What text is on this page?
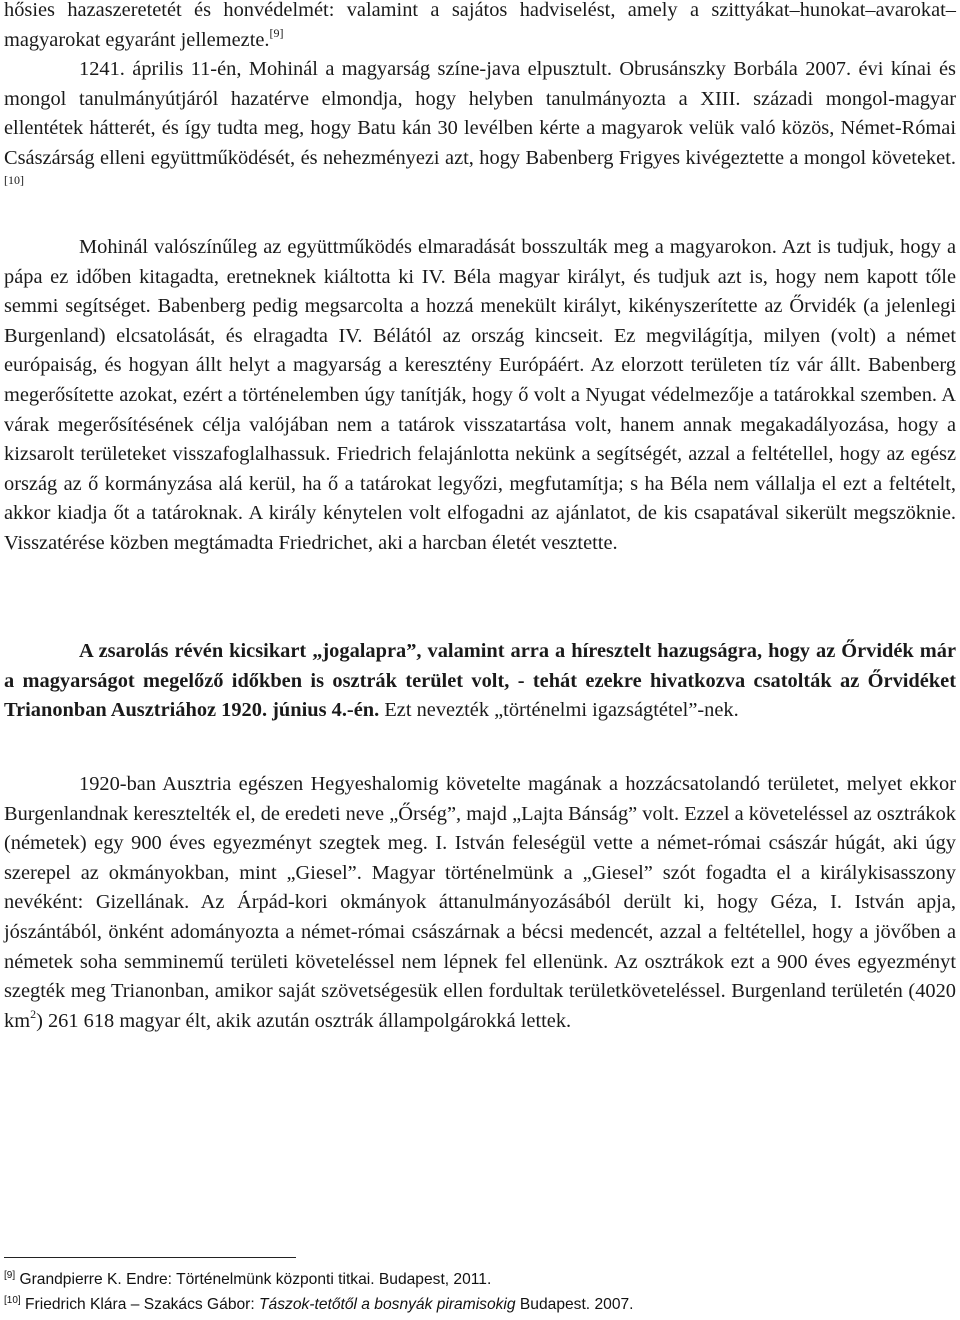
hősies hazaszeretetét és honvédelmét: valamint a sajátos hadviselést, amely a szittyákat–hunokat–avarokat–magyarokat egyaránt jellemezte.[9]

1241. április 11-én, Mohinál a magyarság színe-java elpusztult. Obrusánszky Borbála 2007. évi kínai és mongol tanulmányútjáról hazatérve elmondja, hogy helyben tanulmányozta a XIII. századi mongol-magyar ellentétek hátterét, és így tudta meg, hogy Batu kán 30 levélben kérte a magyarok velük való közös, Német-Római Császárság elleni együttműködését, és nehezményezi azt, hogy Babenberg Frigyes kivégeztette a mongol követeket.[10]

Mohinál valószínűleg az együttműködés elmaradását bosszulták meg a magyarokon. Azt is tudjuk, hogy a pápa ez időben kitagadta, eretneknek kiáltotta ki IV. Béla magyar királyt, és tudjuk azt is, hogy nem kapott tőle semmi segítséget. Babenberg pedig megsarcolta a hozzá menekült királyt, kikényszerítette az Őrvidék (a jelenlegi Burgenland) elcsatolását, és elragadta IV. Bélától az ország kincseit. Ez megvilágítja, milyen (volt) a német európaiság, és hogyan állt helyt a magyarság a keresztény Európáért. Az elorzott területen tíz vár állt. Babenberg megerősítette azokat, ezért a történelemben úgy tanítják, hogy ő volt a Nyugat védelmezője a tatárokkal szemben. A várak megerősítésének célja valójában nem a tatárok visszatartása volt, hanem annak megakadályozása, hogy a kizsarolt területeket visszafoglalhassuk. Friedrich felajánlotta nekünk a segítségét, azzal a feltétellel, hogy az egész ország az ő kormányzása alá kerül, ha ő a tatárokat legyőzi, megfutamítja; s ha Béla nem vállalja el ezt a feltételt, akkor kiadja őt a tatároknak. A király kénytelen volt elfogadni az ajánlatot, de kis csapatával sikerült megszöknie. Visszatérése közben megtámadta Friedrichet, aki a harcban életét vesztette.

A zsarolás révén kicsikart „jogalapra”, valamint arra a híresztelt hazugságra, hogy az Őrvidék már a magyarságot megelőző időkben is osztrák terület volt, - tehát ezekre hivatkozva csatolták az Őrvidéket Trianonban Ausztriához 1920. június 4.-én. Ezt nevezték „történelmi igazságtétel”-nek.

1920-ban Ausztria egészen Hegyeshalomig követelte magának a hozzácsatolandó területet, melyet ekkor Burgenlandnak keresztelték el, de eredeti neve „Őrség”, majd „Lajta Bánság” volt. Ezzel a követeléssel az osztrákok (németek) egy 900 éves egyezményt szegtek meg. I. István feleségül vette a német-római császár húgát, aki úgy szerepel az okmányokban, mint „Giesel”. Magyar történelmünk a „Giesel” szót fogadta el a királykisasszony nevéként: Gizellának. Az Árpád-kori okmányok áttanulmányozásából derült ki, hogy Géza, I. István apja, jószántából, önként adományozta a német-római császárnak a bécsi medencét, azzal a feltétellel, hogy a jövőben a németek soha semminemű területi követeléssel nem lépnek fel ellenünk. Az osztrákok ezt a 900 éves egyezményt szegték meg Trianonban, amikor saját szövetségesük ellen fordultak területköveteléssel. Burgenland területén (4020 $km^2$) 261 618 magyar élt, akik azután osztrák állampolgárokká lettek.

[9] Grandpierre K. Endre: Történelmünk központi titkai. Budapest, 2011.
[10] Friedrich Klára – Szakács Gábor: Tászok-tetőtől a bosnyák piramisokig Budapest. 2007.
